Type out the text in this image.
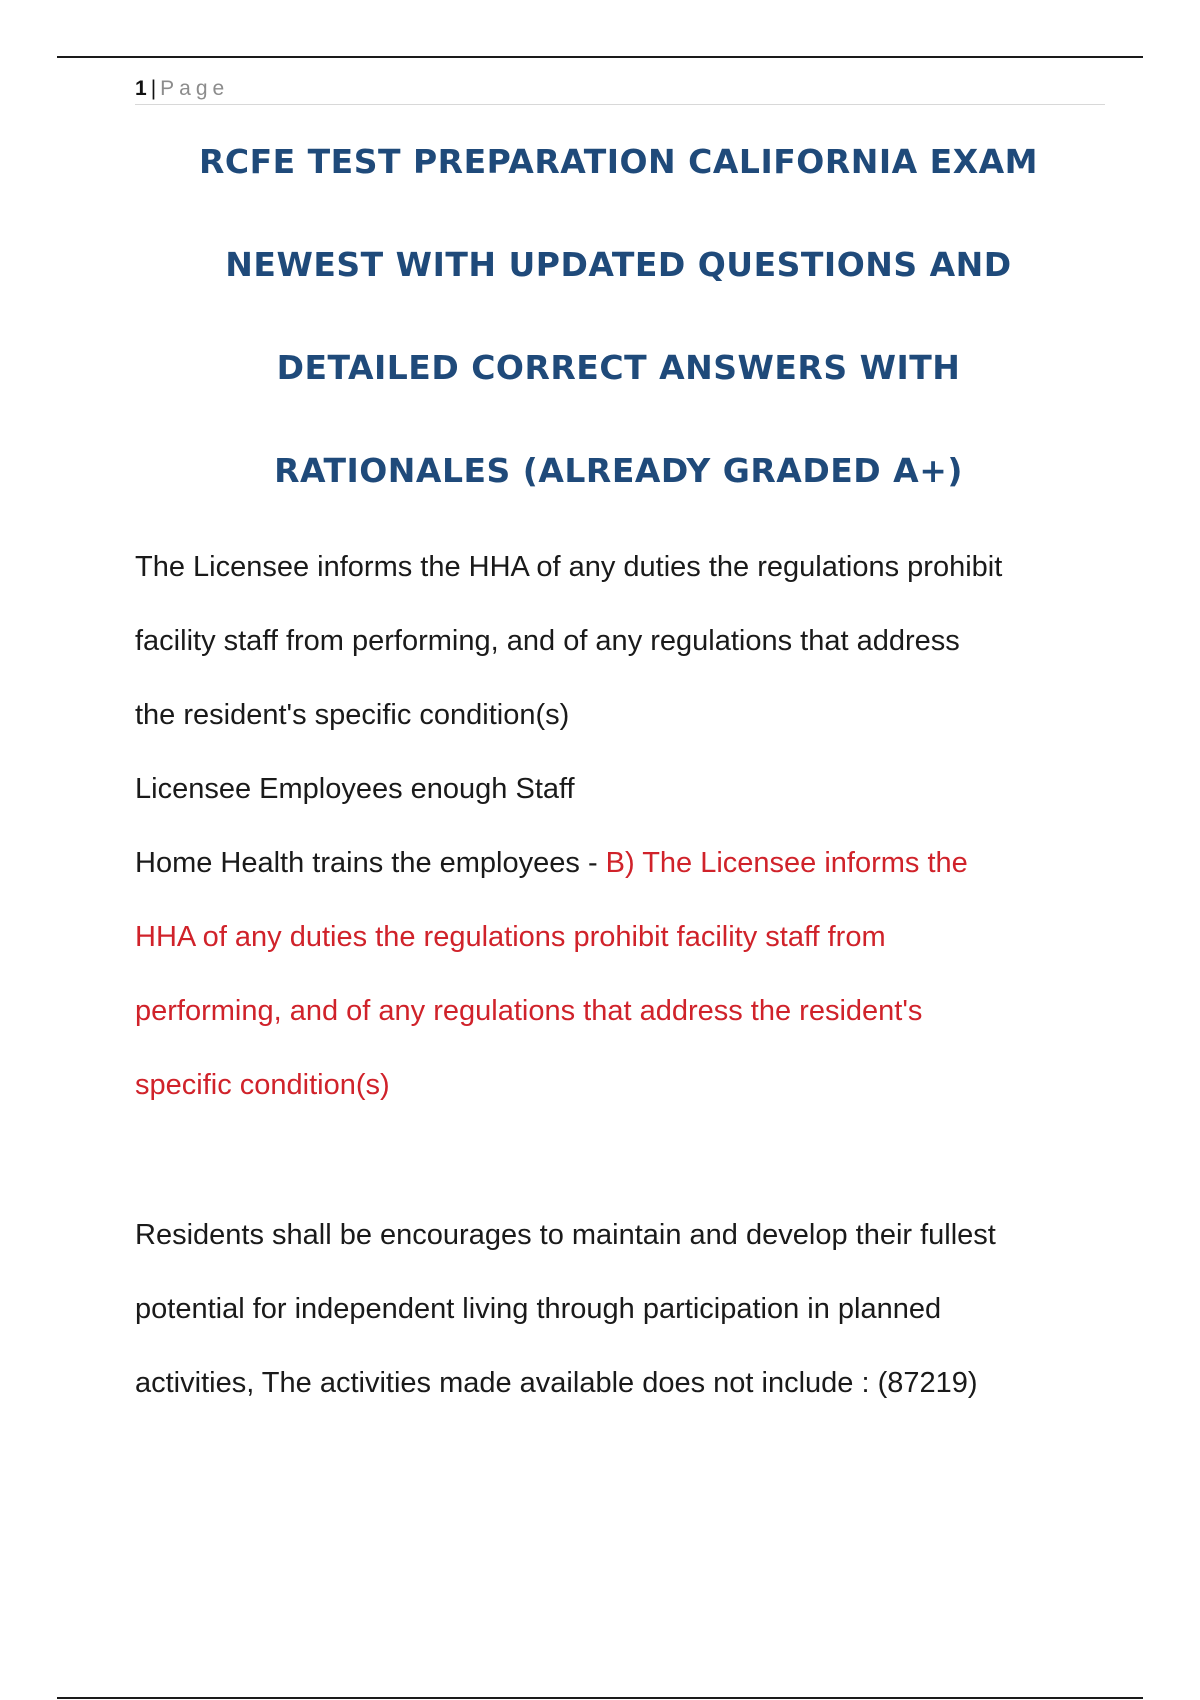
1 | Page
RCFE TEST PREPARATION CALIFORNIA EXAM
NEWEST WITH UPDATED QUESTIONS AND
DETAILED CORRECT ANSWERS WITH
RATIONALES (ALREADY GRADED A+)
The Licensee informs the HHA of any duties the regulations prohibit
facility staff from performing, and of any regulations that address
the resident's specific condition(s)
Licensee Employees enough Staff
Home Health trains the employees - B) The Licensee informs the
HHA of any duties the regulations prohibit facility staff from
performing, and of any regulations that address the resident's
specific condition(s)
Residents shall be encourages to maintain and develop their fullest
potential for independent living through participation in planned
activities, The activities made available does not include : (87219)
